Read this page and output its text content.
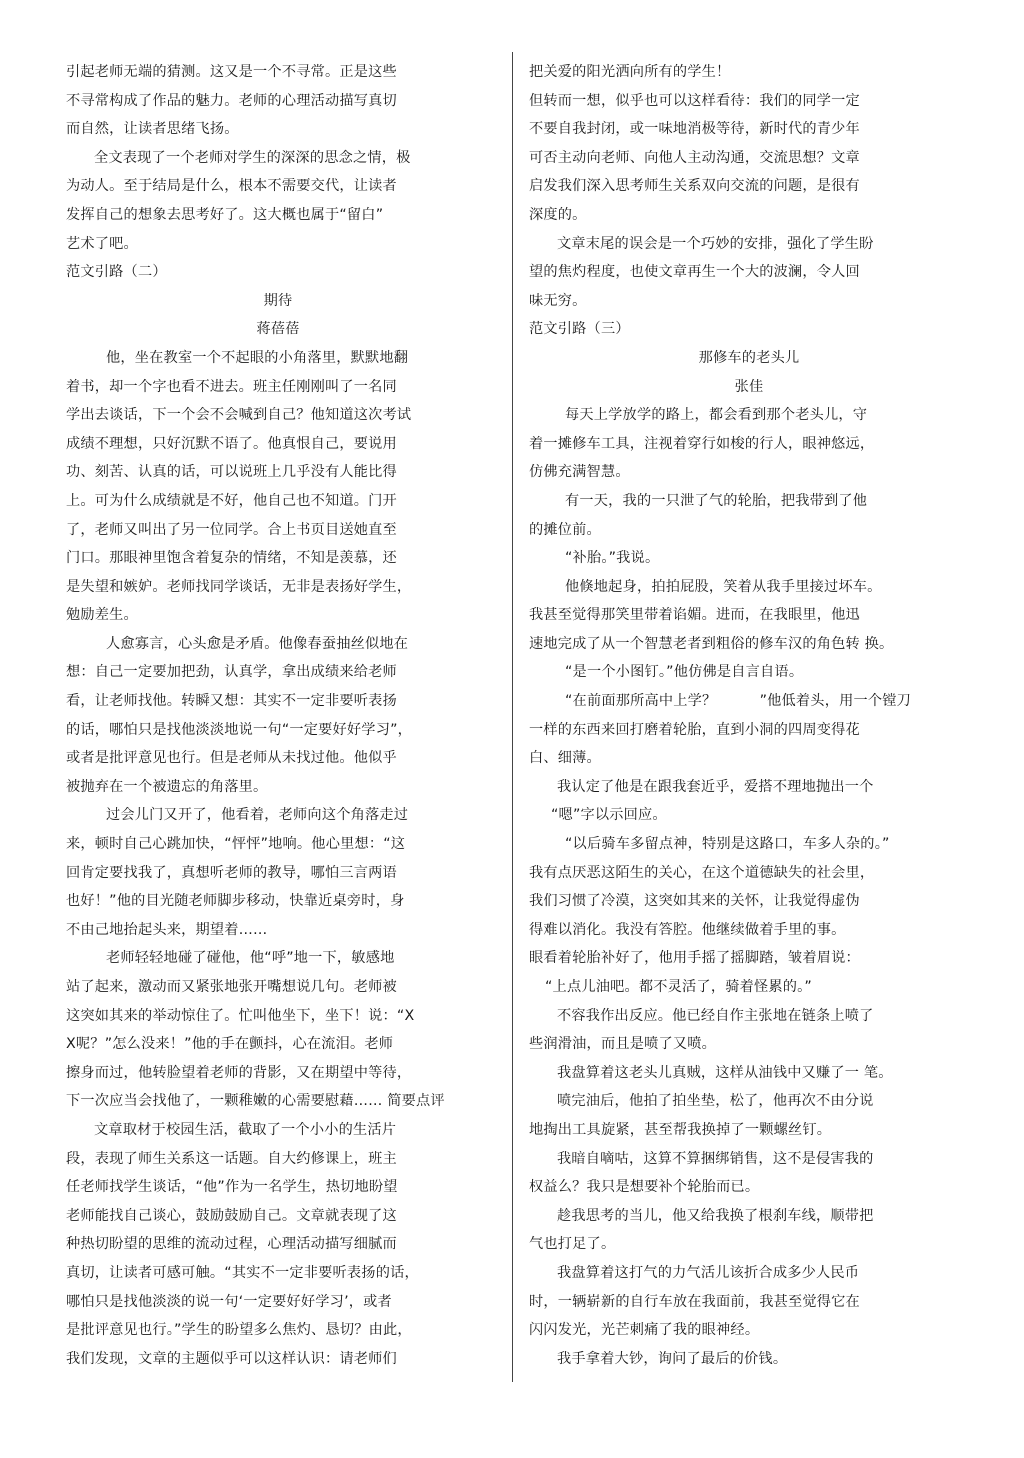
引起老师无端的猜测。这又是一个不寻常。正是这些
不寻常构成了作品的魅力。老师的心理活动描写真切
而自然，让读者思绪飞扬。
全文表现了一个老师对学生的深深的思念之情，极
为动人。至于结局是什么，根本不需要交代，让读者
发挥自己的想象去思考好了。这大概也属于“留白”
艺术了吧。
范文引路（二）
期待
蒋蓓蓓
他，坐在教室一个不起眼的小角落里，默默地翻
着书，却一个字也看不进去。班主任刚刚叫了一名同
学出去谈话，下一个会不会喊到自己？他知道这次考试
成绩不理想，只好沉默不语了。他真恨自己，要说用
功、刻苦、认真的话，可以说班上几乎没有人能比得
上。可为什么成绩就是不好，他自己也不知道。门开
了，老师又叫出了另一位同学。合上书页目送她直至
门口。那眼神里饱含着复杂的情绪，不知是羡慕，还
是失望和嫉妒。老师找同学谈话，无非是表扬好学生，
勉励差生。
人愈寡言，心头愈是矛盾。他像春蚕抽丝似地在
想：自己一定要加把劲，认真学，拿出成绩来给老师
看，让老师找他。转瞬又想：其实不一定非要听表扬
的话，哪怕只是找他淡淡地说一句“一定要好好学习”，
或者是批评意见也行。但是老师从未找过他。他似乎
被抛弃在一个被遗忘的角落里。
过会儿门又开了，他看着，老师向这个角落走过
来，顿时自己心跳加快，“怦怦”地响。他心里想：“这
回肯定要找我了，真想听老师的教导，哪怕三言两语
也好！”他的目光随老师脚步移动，快靠近桌旁时，身
不由己地抬起头来，期望着……
老师轻轻地碰了碰他，他“呼”地一下，敏感地
站了起来，激动而又紧张地张开嘴想说几句。老师被
这突如其来的举动惊住了。忙叫他坐下，坐下！说：“X
X呢？”怎么没来！”他的手在颤抖，心在流泪。老师
擦身而过，他转脸望着老师的背影，又在期望中等待，
下一次应当会找他了，一颗稚嫩的心需要慰藉…… 简要点评
文章取材于校园生活，截取了一个小小的生活片
段，表现了师生关系这一话题。自大约修课上，班主
任老师找学生谈话，“他”作为一名学生，热切地盼望
老师能找自己谈心，鼓励鼓励自己。文章就表现了这
种热切盼望的思维的流动过程，心理活动描写细腻而
真切，让读者可感可触。“其实不一定非要听表扬的话，
哪怕只是找他淡淡的说一句‘一定要好好学习’，或者
是批评意见也行。”学生的盼望多么焦灼、恳切？由此，
我们发现，文章的主题似乎可以这样认识：请老师们
把关爱的阳光洒向所有的学生！
但转而一想，似乎也可以这样看待：我们的同学一定
不要自我封闭，或一味地消极等待，新时代的青少年
可否主动向老师、向他人主动沟通，交流思想？文章
启发我们深入思考师生关系双向交流的问题，是很有
深度的。
文章末尾的误会是一个巧妙的安排，强化了学生盼
望的焦灼程度，也使文章再生一个大的波澜，令人回
味无穷。
范文引路（三）
那修车的老头儿
张佳
每天上学放学的路上，都会看到那个老头儿，守
着一摊修车工具，注视着穿行如梭的行人，眼神悠远，
仿佛充满智慧。
有一天，我的一只泄了气的轮胎，把我带到了他
的摊位前。
“补胎。”我说。
他倏地起身，拍拍屁股，笑着从我手里接过坏车。
我甚至觉得那笑里带着谄媚。进而，在我眼里，他迅
速地完成了从一个智慧老者到粗俗的修车汉的角色转 换。
“是一个小图钉。”他仿佛是自言自语。
“在前面那所高中上学？　　　”他低着头，用一个镗刀
一样的东西来回打磨着轮胎，直到小洞的四周变得花
白、细薄。
我认定了他是在跟我套近乎，爱搭不理地抛出一个
“嗯”字以示回应。
“以后骑车多留点神，特别是这路口，车多人杂的。”
我有点厌恶这陌生的关心，在这个道德缺失的社会里，
我们习惯了冷漠，这突如其来的关怀，让我觉得虚伪
得难以消化。我没有答腔。他继续做着手里的事。
眼看着轮胎补好了，他用手摇了摇脚踏，皱着眉说：
“上点儿油吧。都不灵活了，骑着怪累的。”
不容我作出反应。他已经自作主张地在链条上喷了
些润滑油，而且是喷了又喷。
我盘算着这老头儿真贼，这样从油钱中又赚了一 笔。
喷完油后，他拍了拍坐垫，松了，他再次不由分说
地掏出工具旋紧，甚至帮我换掉了一颗螺丝钉。
我暗自嘀咕，这算不算捆绑销售，这不是侵害我的
权益么？我只是想要补个轮胎而已。
趁我思考的当儿，他又给我换了根刹车线，顺带把
气也打足了。
我盘算着这打气的力气活儿该折合成多少人民币
时，一辆崭新的自行车放在我面前，我甚至觉得它在
闪闪发光，光芒刺痛了我的眼神经。
我手拿着大钞，询问了最后的价钱。
